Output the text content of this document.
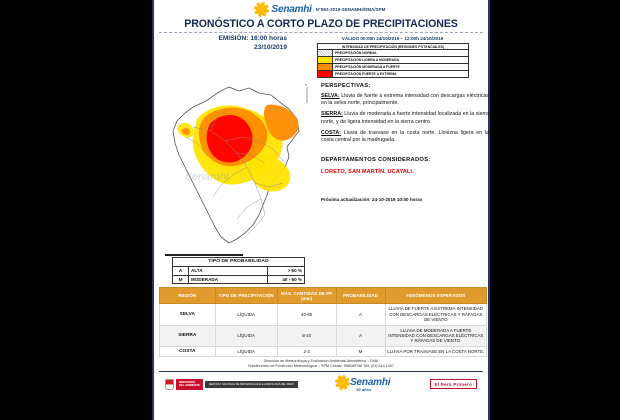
Senamhi N°592-2019-SENAMHI/DMA/SPM
PRONÓSTICO A CORTO PLAZO DE PRECIPITACIONES
EMISIÓN: 16:00 horas
23/10/2019
VÁLIDO 00:00h 24/10/2019 – 12:00h 24/10/2019
INTENSIDAD DE PRECIPITACIÓN (REGIONES POTENCIALES)
PRECIPITACIÓN NORMAL
PRECIPITACIÓN LIGERA A MODERADA
PRECIPITACIÓN MODERADA A FUERTE
PRECIPITACIÓN FUERTE A EXTREMA
N
Senamhi
TIPO DE PROBABILIDAD		
A	ALTA	> 60 %
M	MODERADA	40 - 60 %
PERSPECTIVAS:
SELVA: Lluvia de fuerte a extrema intensidad con descargas eléctricas en la selva norte, principalmente.
SIERRA: Lluvia de moderada a fuerte intensidad localizada en la sierra norte, y de ligera intensidad en la sierra centro.
COSTA: Lluvia de trasvase en la costa norte. Llovizna ligera en la costa central por la madrugada.
DEPARTAMENTOS CONSIDERADOS:
LORETO, SAN MARTÍN, UCAYALI.
Próxima actualización: 24-10-2019 10:00 horas
REGIÓN	TIPO DE PRECIPITACIÓN	MÁX. CANTIDAD DE PP (mm)	PROBABILIDAD	FENÓMENOS ESPERADOS
SELVA	LÍQUIDA	40-60	A	LLUVIA DE FUERTE A EXTREMA INTENSIDAD CON DESCARGAS ELÉCTRICAS Y RÁFAGAS DE VIENTO
SIERRA	LÍQUIDA	8-10	A	LLUVIA DE MODERADA A FUERTE INTENSIDAD CON DESCARGAS ELÉCTRICAS Y RÁFAGAS DE VIENTO.
COSTA	LÍQUIDA	2-3	M	LLUVIA POR TRASVASE EN LA COSTA NORTE.
Dirección de Meteorología y Evaluación Ambiental Atmosférica – DMA
Subdirección de Predicción Meteorológica – SPM Celular: 998389766 Telf. (01) 614 1407
MINISTERIO
DEL AMBIENTE	SERVICIO NACIONAL DE METEOROLOGÍA E HIDROLOGÍA DEL PERÚ	Senamhi
50 años
El Perú Primero
